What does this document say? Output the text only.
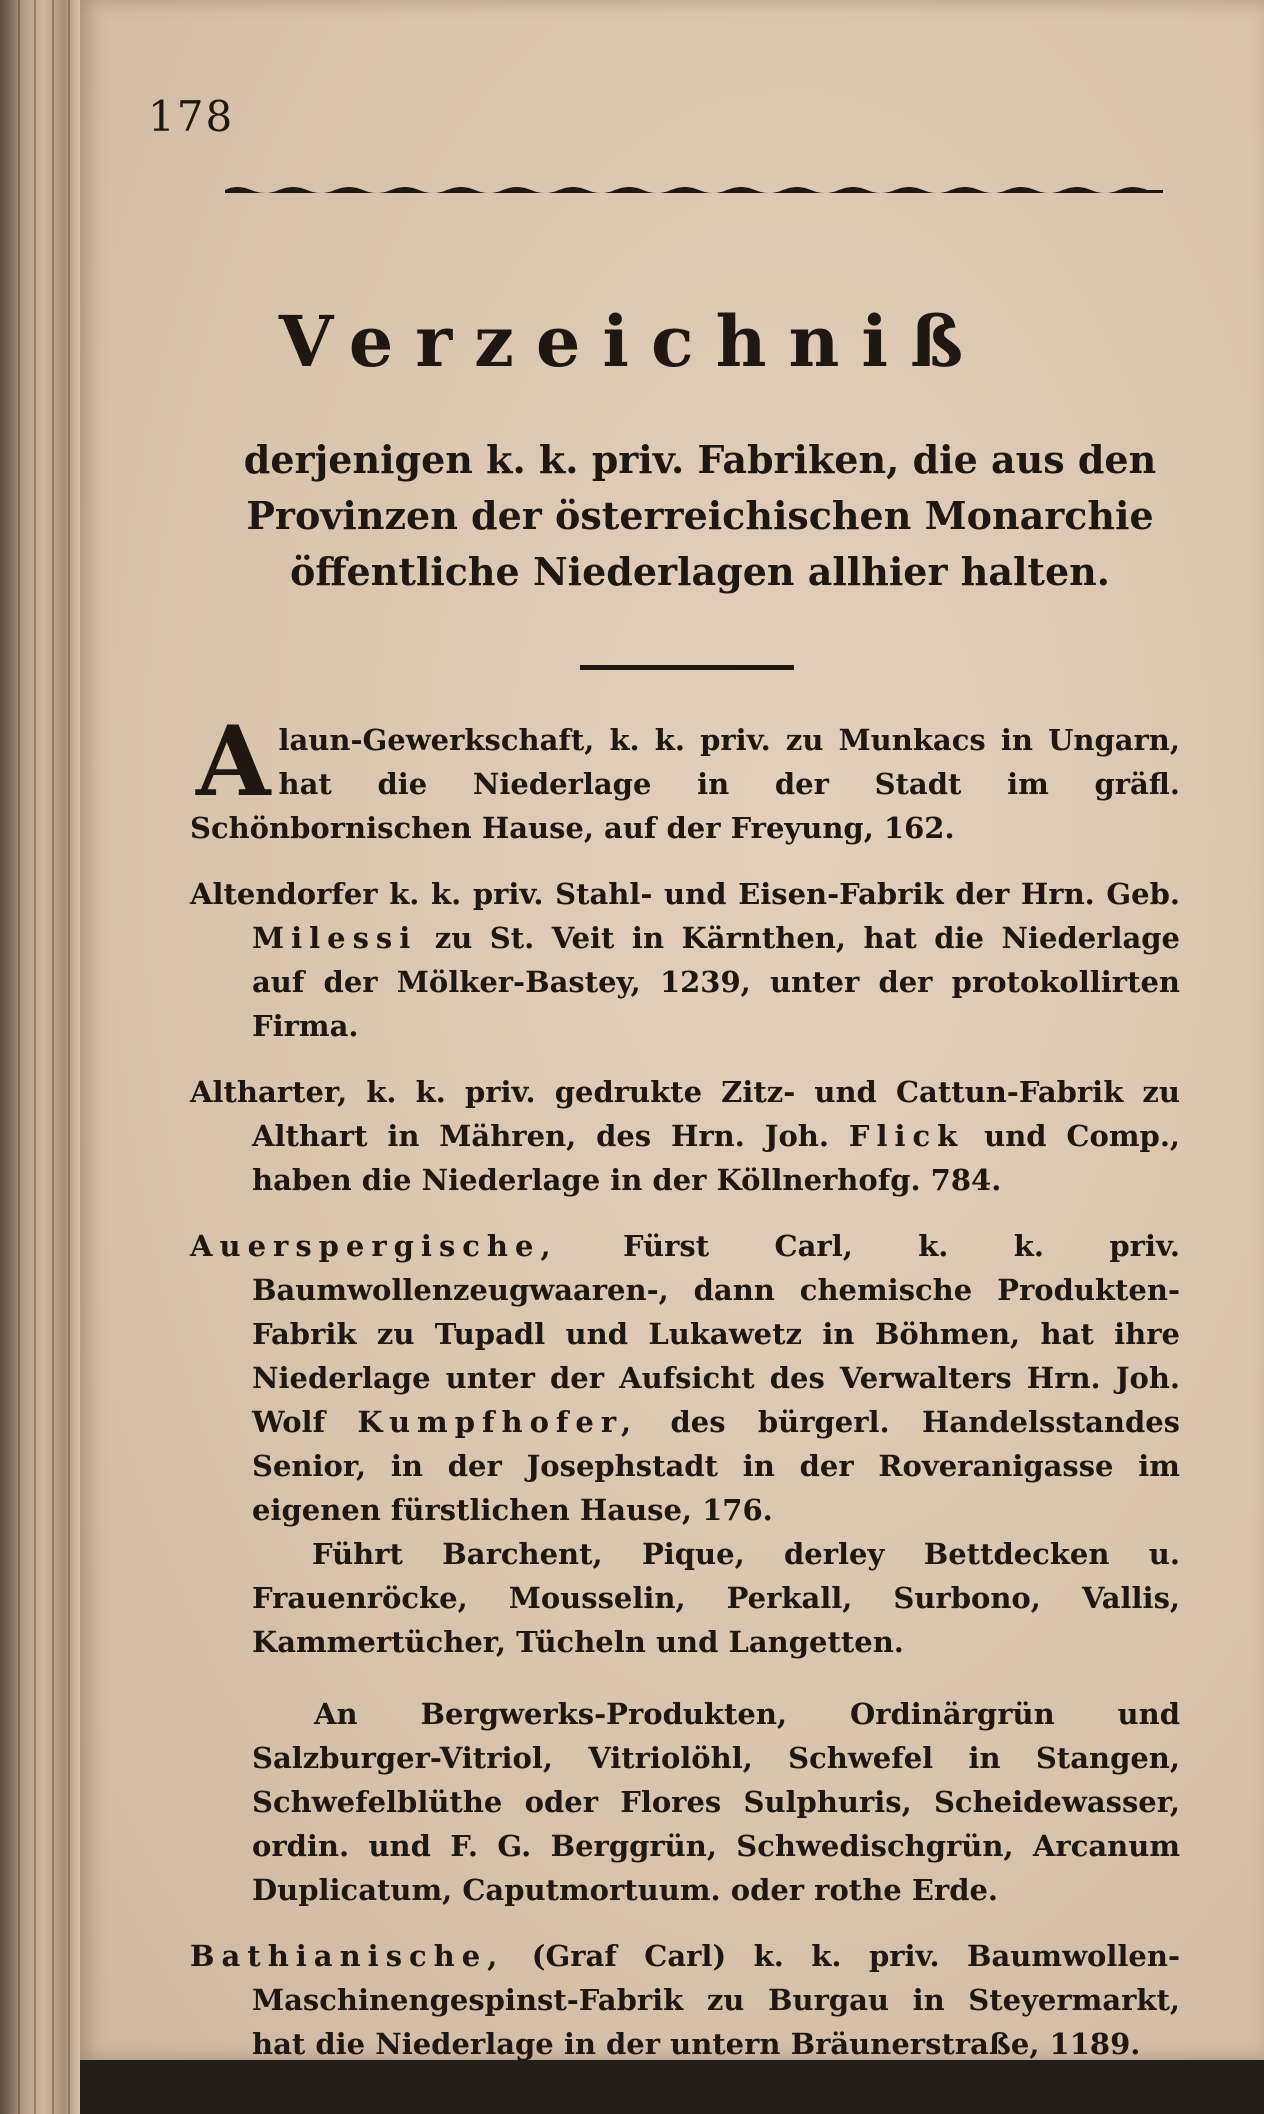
178
Verzeichniß
derjenigen k. k. priv. Fabriken, die aus den Provinzen der österreichischen Monarchie öffentliche Niederlagen allhier halten.

Alaun-Gewerkschaft, k. k. priv. zu Munkacs in Ungarn, hat die Niederlage in der Stadt im gräfl. Schönbornischen Hause, auf der Freyung, 162.

Altendorfer k. k. priv. Stahl- und Eisen-Fabrik der Hrn. Geb. Milessi zu St. Veit in Kärnthen, hat die Niederlage auf der Mölker-Bastey, 1239, unter der protokollirten Firma.

Altharter, k. k. priv. gedrukte Zitz- und Cattun-Fabrik zu Althart in Mähren, des Hrn. Joh. Flick und Comp., haben die Niederlage in der Köllnerhofg. 784.

Auerspergische, Fürst Carl, k. k. priv. Baumwollenzeugwaaren-, dann chemische Produkten-Fabrik zu Tupadl und Lukawetz in Böhmen, hat ihre Niederlage unter der Aufsicht des Verwalters Hrn. Joh. Wolf Kumpfhofer, des bürgerl. Handelsstandes Senior, in der Josephstadt in der Roveranigasse im eigenen fürstlichen Hause, 176.
Führt Barchent, Pique, derley Bettdecken u. Frauenröcke, Mousselin, Perkall, Surbono, Vallis, Kammertücher, Tücheln und Langetten.
An Bergwerks-Produkten, Ordinärgrün und Salzburger-Vitriol, Vitriolöhl, Schwefel in Stangen, Schwefelblüthe oder Flores Sulphuris, Scheidewasser, ordin. und F. G. Berggrün, Schwedischgrün, Arcanum Duplicatum, Caputmortuum. oder rothe Erde.

Bathianische, (Graf Carl) k. k. priv. Baumwollen-Maschinengespinst-Fabrik zu Burgau in Steyermarkt, hat die Niederlage in der untern Bräunerstraße, 1189.
